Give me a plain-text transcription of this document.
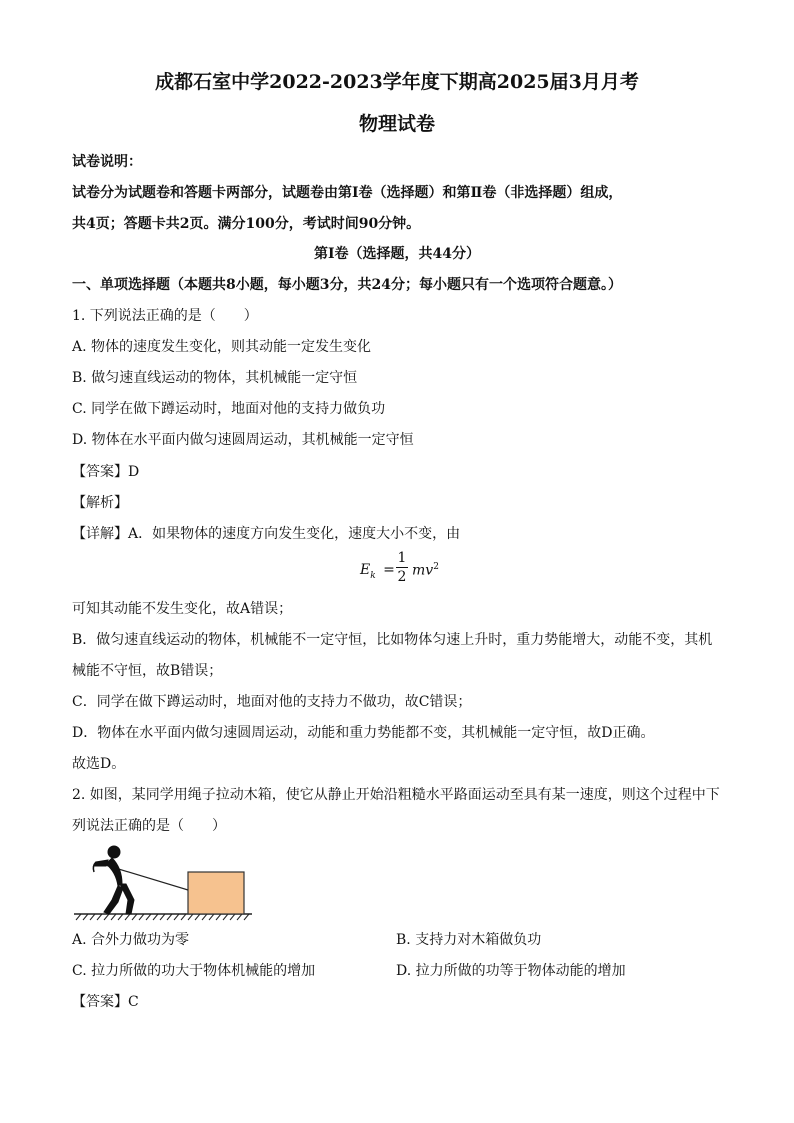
成都石室中学2022-2023学年度下期高2025届3月月考
物理试卷
试卷说明：
试卷分为试题卷和答题卡两部分，试题卷由第Ⅰ卷（选择题）和第Ⅱ卷（非选择题）组成，
共4页；答题卡共2页。满分100分，考试时间90分钟。
第Ⅰ卷（选择题，共44分）
一、单项选择题（本题共8小题，每小题3分，共24分；每小题只有一个选项符合题意。）
1. 下列说法正确的是（　　）
A. 物体的速度发生变化，则其动能一定发生变化
B. 做匀速直线运动的物体，其机械能一定守恒
C. 同学在做下蹲运动时，地面对他的支持力做负功
D. 物体在水平面内做匀速圆周运动，其机械能一定守恒
【答案】D
【解析】
【详解】A．如果物体的速度方向发生变化，速度大小不变，由
$E_k$ =
1
2 $mv^2$
可知其动能不发生变化，故A错误；
B．做匀速直线运动的物体，机械能不一定守恒，比如物体匀速上升时，重力势能增大，动能不变，其机
械能不守恒，故B错误；
C．同学在做下蹲运动时，地面对他的支持力不做功，故C错误；
D．物体在水平面内做匀速圆周运动，动能和重力势能都不变，其机械能一定守恒，故D正确。
故选D。
2. 如图，某同学用绳子拉动木箱，使它从静止开始沿粗糙水平路面运动至具有某一速度，则这个过程中下
列说法正确的是（　　）
A. 合外力做功为零	B. 支持力对木箱做负功
C. 拉力所做的功大于物体机械能的增加	D. 拉力所做的功等于物体动能的增加
【答案】C
